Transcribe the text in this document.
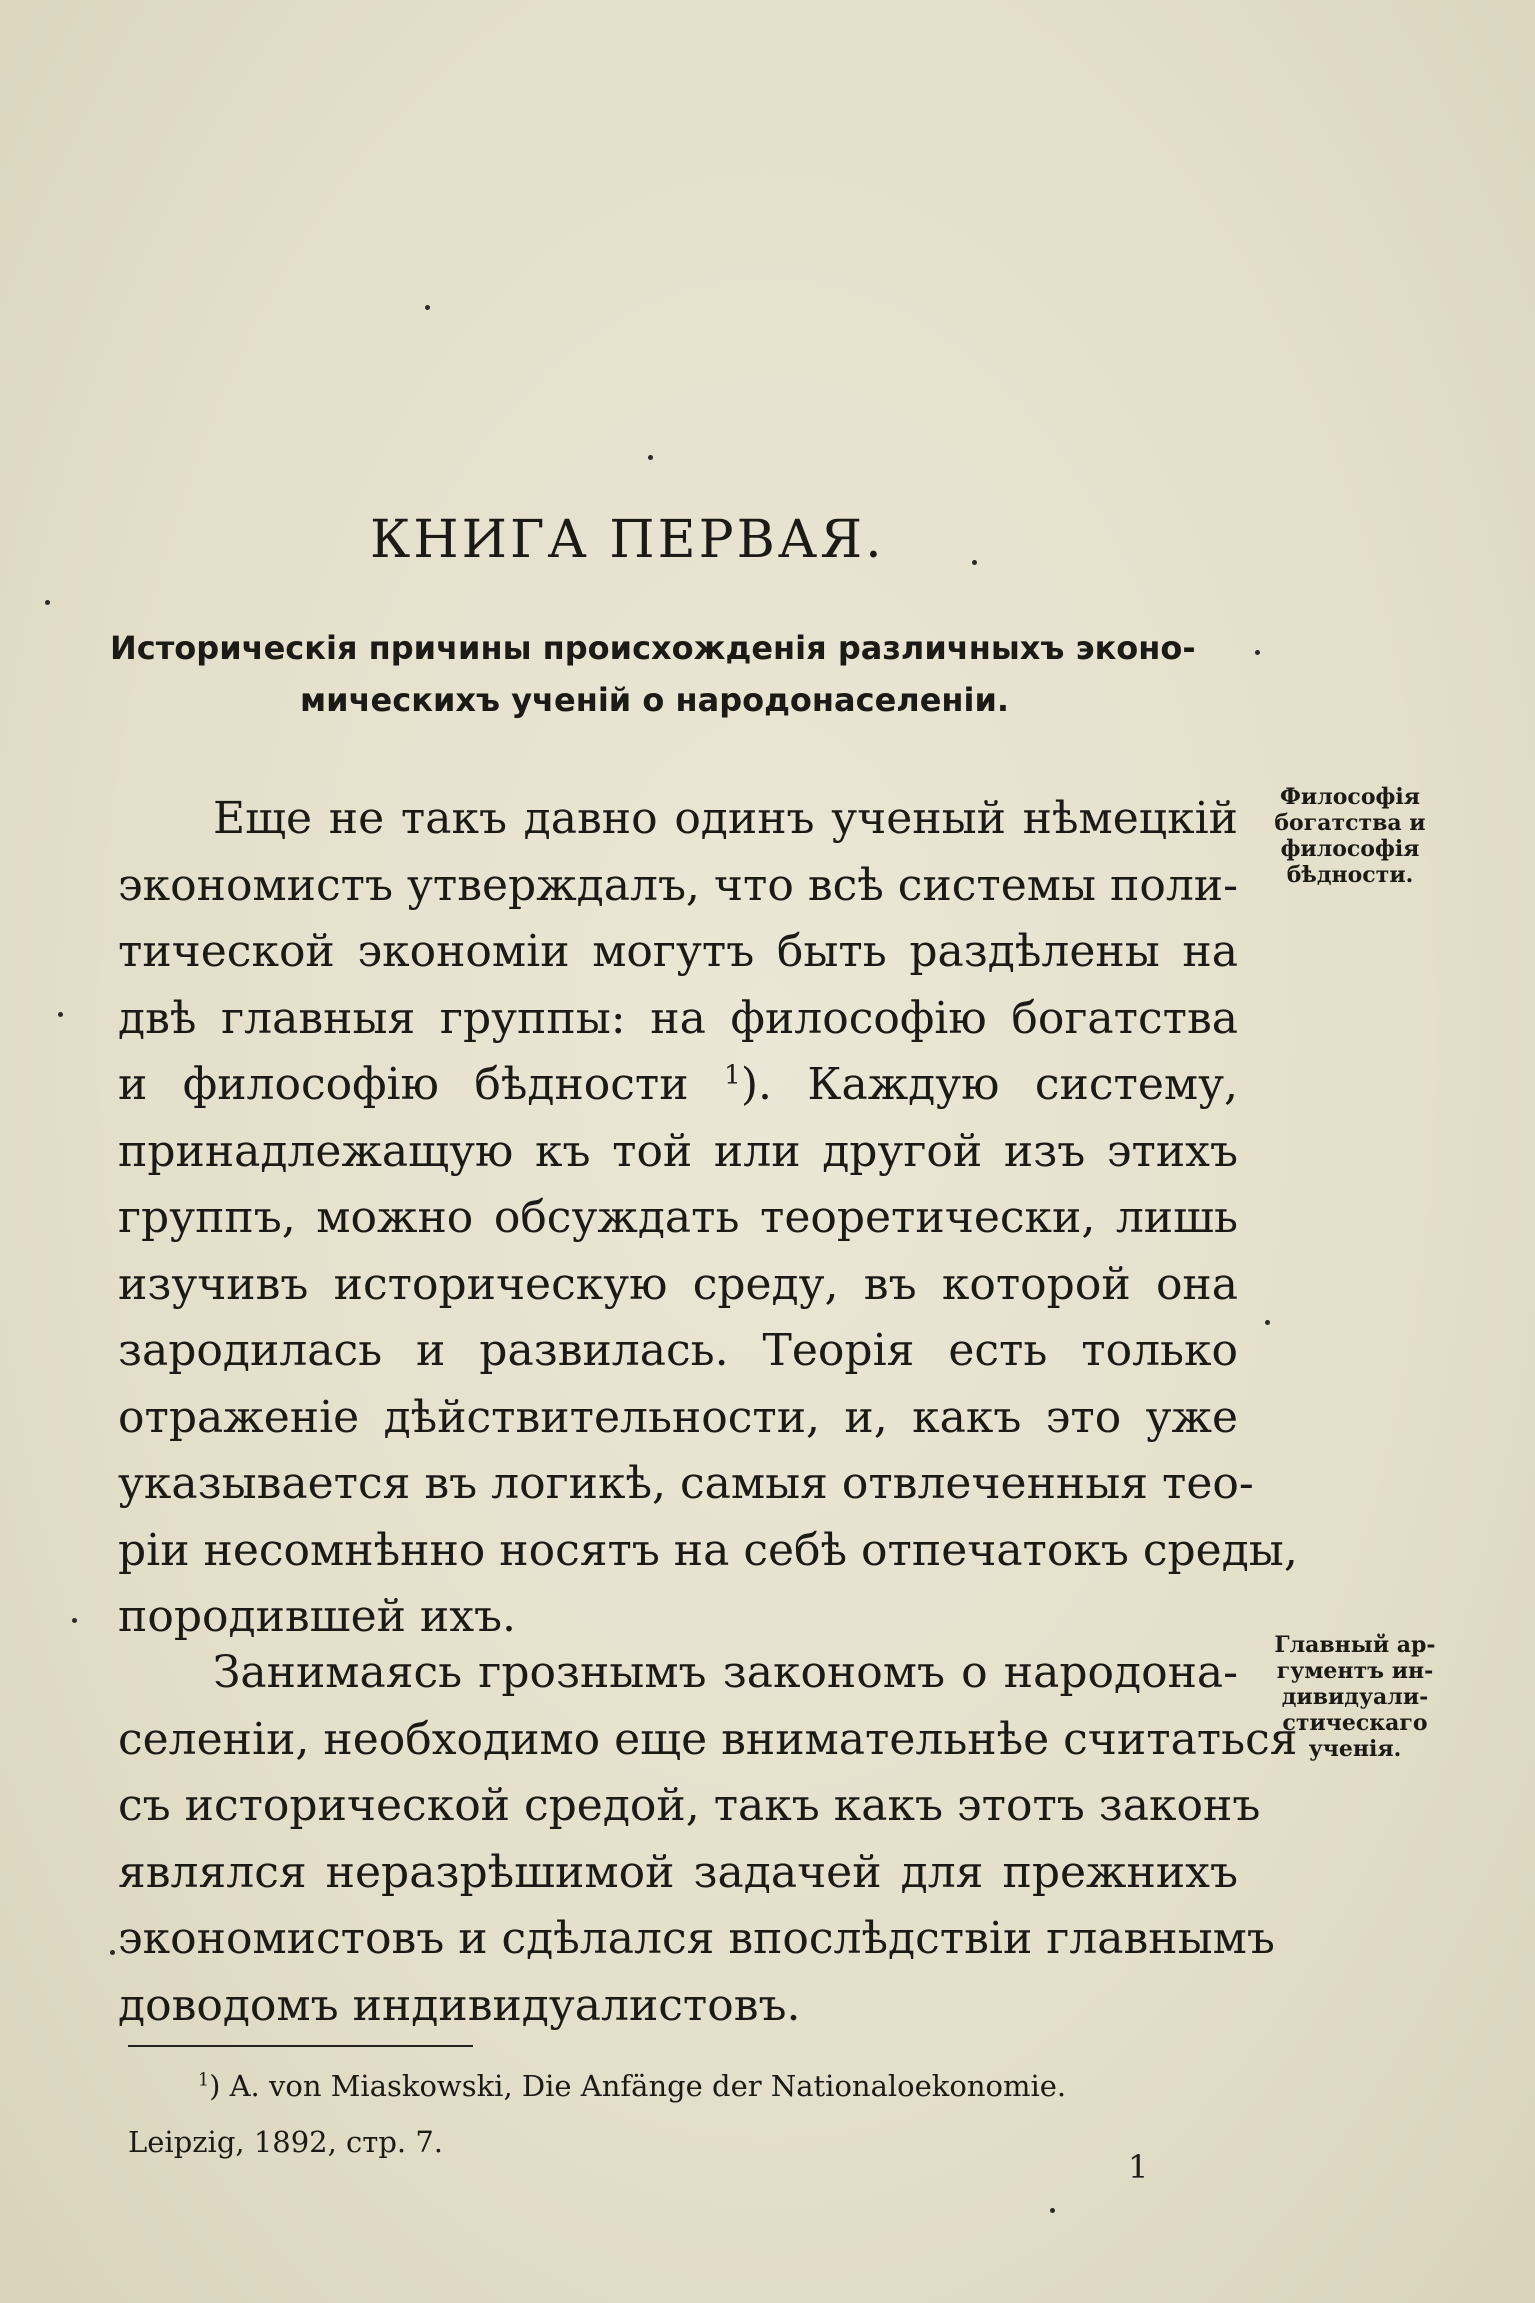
КНИГА ПЕРВАЯ.
Историческія причины происхожденія различныхъ эконо-
мическихъ ученій о народонаселеніи.
Еще не такъ давно одинъ ученый нѣмецкій
экономистъ утверждалъ, что всѣ системы поли-
тической экономіи могутъ быть раздѣлены на
двѣ главныя группы: на философію богатства
и философію бѣдности $^1$). Каждую систему,
принадлежащую къ той или другой изъ этихъ
группъ, можно обсуждать теоретически, лишь
изучивъ историческую среду, въ которой она
зародилась и развилась. Теорія есть только
отраженіе дѣйствительности, и, какъ это уже
указывается въ логикѣ, самыя отвлеченныя тео-
ріи несомнѣнно носятъ на себѣ отпечатокъ среды,
породившей ихъ.
Занимаясь грознымъ закономъ о народона-
селеніи, необходимо еще внимательнѣе считаться
съ исторической средой, такъ какъ этотъ законъ
являлся неразрѣшимой задачей для прежнихъ
экономистовъ и сдѣлался впослѣдствіи главнымъ
доводомъ индивидуалистовъ.
Философія
богатства и
философія
бѣдности.
Главный ар-
гументъ ин-
дивидуали-
стическаго
ученія.
$^1$) A. von Miaskowski, Die Anfänge der Nationaloekonomie.
Leipzig, 1892, стр. 7.
1
